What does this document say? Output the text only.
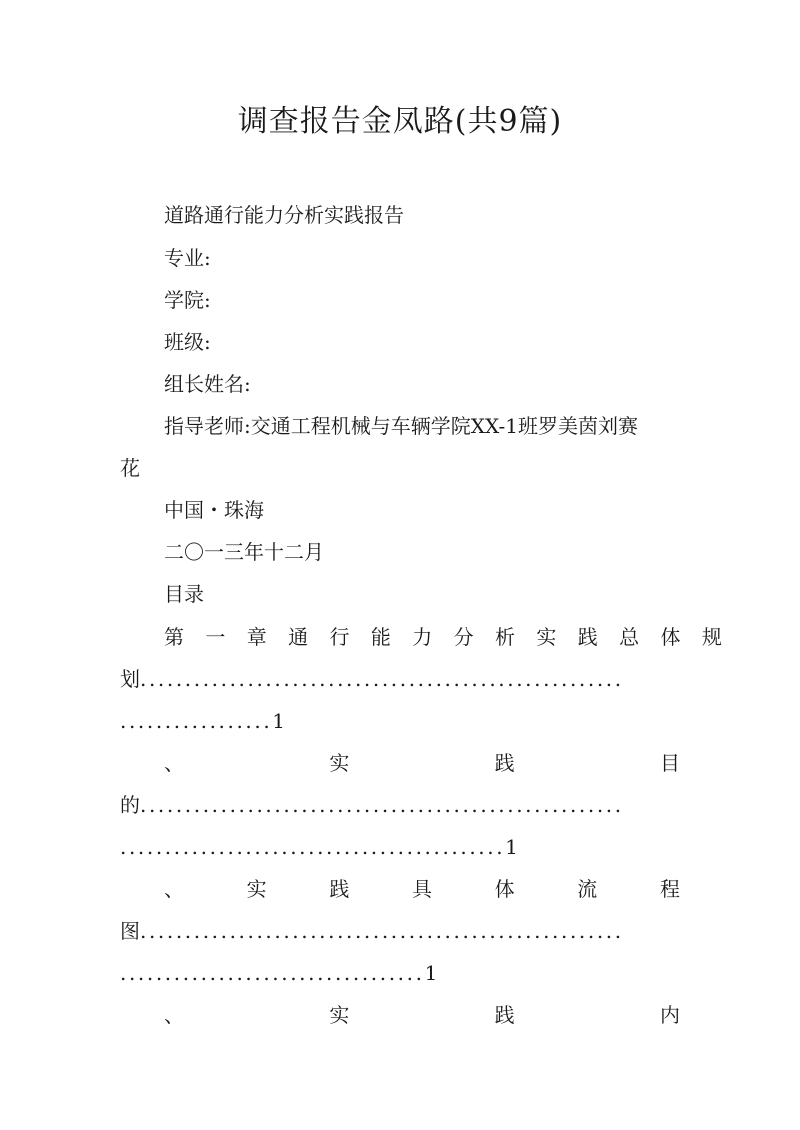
调查报告金凤路(共9篇)
道路通行能力分析实践报告
专业:
学院:
班级:
组长姓名:
指导老师:交通工程机械与车辆学院XX-1班罗美茵刘赛
花
中国・珠海
二〇一三年十二月
目录
第 一 章 通 行 能 力 分 析 实 践 总 体 规
划......................................................
.................1
、	实	践	目
的......................................................
...........................................1
、	实	践	具	体	流	程
图......................................................
..................................1
、	实	践	内
